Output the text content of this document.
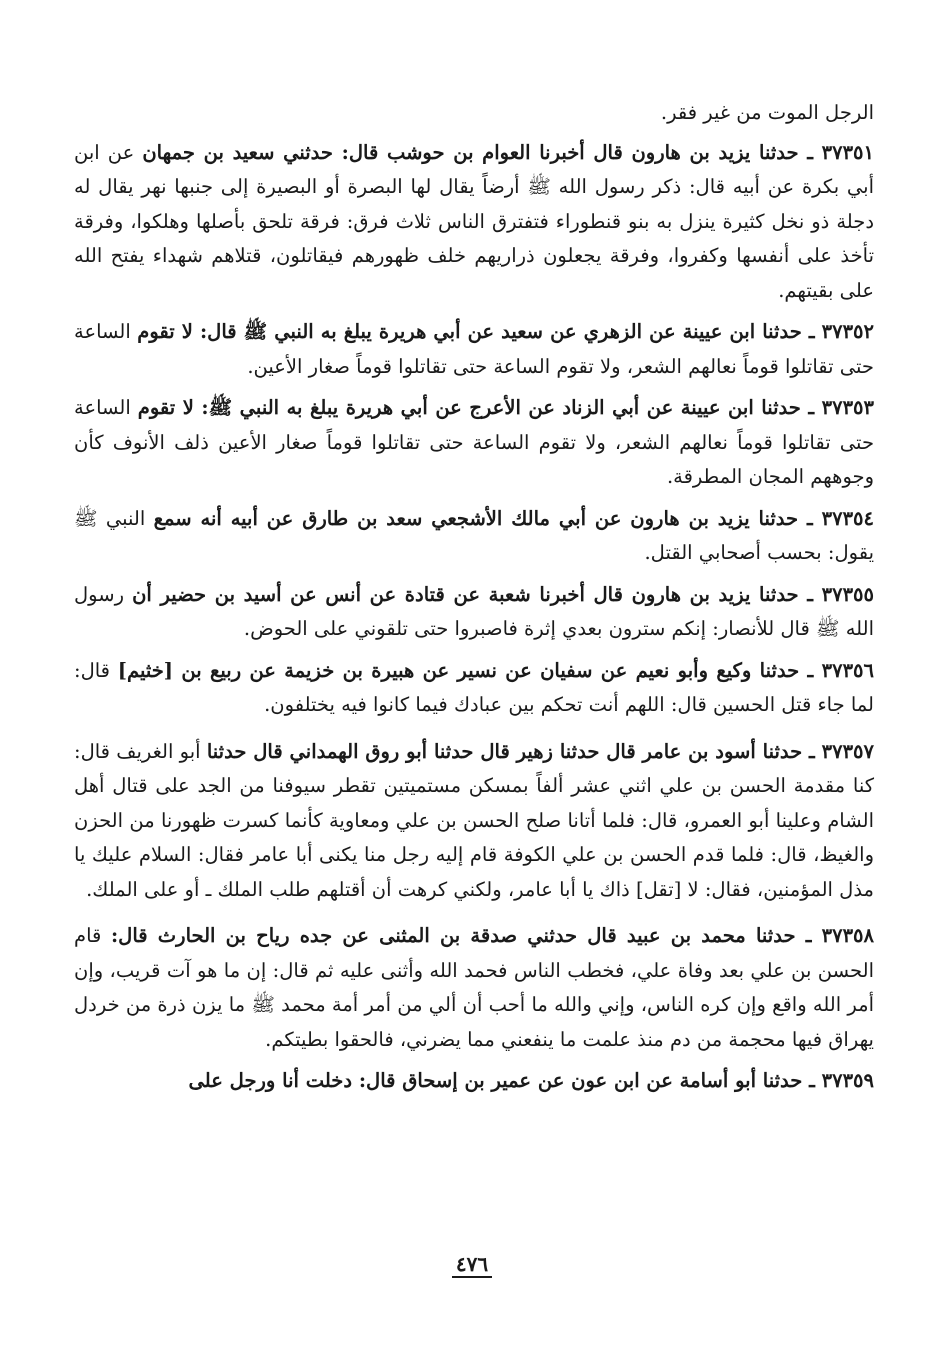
الرجل الموت من غير فقر.

٣٧٣٥١ ـ حدثنا يزيد بن هارون قال أخبرنا العوام بن حوشب قال: حدثني سعيد بن جمهان عن ابن أبي بكرة عن أبيه قال: ذكر رسول الله ﷺ أرضاً يقال لها البصرة أو البصيرة إلى جنبها نهر يقال له دجلة ذو نخل كثيرة ينزل به بنو قنطوراء فتفترق الناس ثلاث فرق: فرقة تلحق بأصلها وهلكوا، وفرقة تأخذ على أنفسها وكفروا، وفرقة يجعلون ذراريهم خلف ظهورهم فيقاتلون، قتلاهم شهداء يفتح الله على بقيتهم.

٣٧٣٥٢ ـ حدثنا ابن عيينة عن الزهري عن سعيد عن أبي هريرة يبلغ به النبي ﷺ قال: لا تقوم الساعة حتى تقاتلوا قوماً نعالهم الشعر، ولا تقوم الساعة حتى تقاتلوا قوماً صغار الأعين.

٣٧٣٥٣ ـ حدثنا ابن عيينة عن أبي الزناد عن الأعرج عن أبي هريرة يبلغ به النبي ﷺ: لا تقوم الساعة حتى تقاتلوا قوماً نعالهم الشعر، ولا تقوم الساعة حتى تقاتلوا قوماً صغار الأعين ذلف الأنوف كأن وجوههم المجان المطرقة.

٣٧٣٥٤ ـ حدثنا يزيد بن هارون عن أبي مالك الأشجعي سعد بن طارق عن أبيه أنه سمع النبي ﷺ يقول: بحسب أصحابي القتل.

٣٧٣٥٥ ـ حدثنا يزيد بن هارون قال أخبرنا شعبة عن قتادة عن أنس عن أسيد بن حضير أن رسول الله ﷺ قال للأنصار: إنكم سترون بعدي إثرة فاصبروا حتى تلقوني على الحوض.

٣٧٣٥٦ ـ حدثنا وكيع وأبو نعيم عن سفيان عن نسير عن هبيرة بن خزيمة عن ربيع بن [خثيم] قال: لما جاء قتل الحسين قال: اللهم أنت تحكم بين عبادك فيما كانوا فيه يختلفون.

٣٧٣٥٧ ـ حدثنا أسود بن عامر قال حدثنا زهير قال حدثنا أبو روق الهمداني قال حدثنا أبو الغريف قال: كنا مقدمة الحسن بن علي اثني عشر ألفاً بمسكن مستميتين تقطر سيوفنا من الجد على قتال أهل الشام وعلينا أبو العمرو، قال: فلما أتانا صلح الحسن بن علي ومعاوية كأنما كسرت ظهورنا من الحزن والغيظ، قال: فلما قدم الحسن بن علي الكوفة قام إليه رجل منا يكنى أبا عامر فقال: السلام عليك يا مذل المؤمنين، فقال: لا [تقل] ذاك يا أبا عامر، ولكني كرهت أن أقتلهم طلب الملك ـ أو على الملك.

٣٧٣٥٨ ـ حدثنا محمد بن عبيد قال حدثني صدقة بن المثنى عن جده رياح بن الحارث قال: قام الحسن بن علي بعد وفاة علي، فخطب الناس فحمد الله وأثنى عليه ثم قال: إن ما هو آت قريب، وإن أمر الله واقع وإن كره الناس، وإني والله ما أحب أن ألي من أمر أمة محمد ﷺ ما يزن ذرة من خردل يهراق فيها محجمة من دم منذ علمت ما ينفعني مما يضرني، فالحقوا بطيتكم.

٣٧٣٥٩ ـ حدثنا أبو أسامة عن ابن عون عن عمير بن إسحاق قال: دخلت أنا ورجل على

٤٧٦
